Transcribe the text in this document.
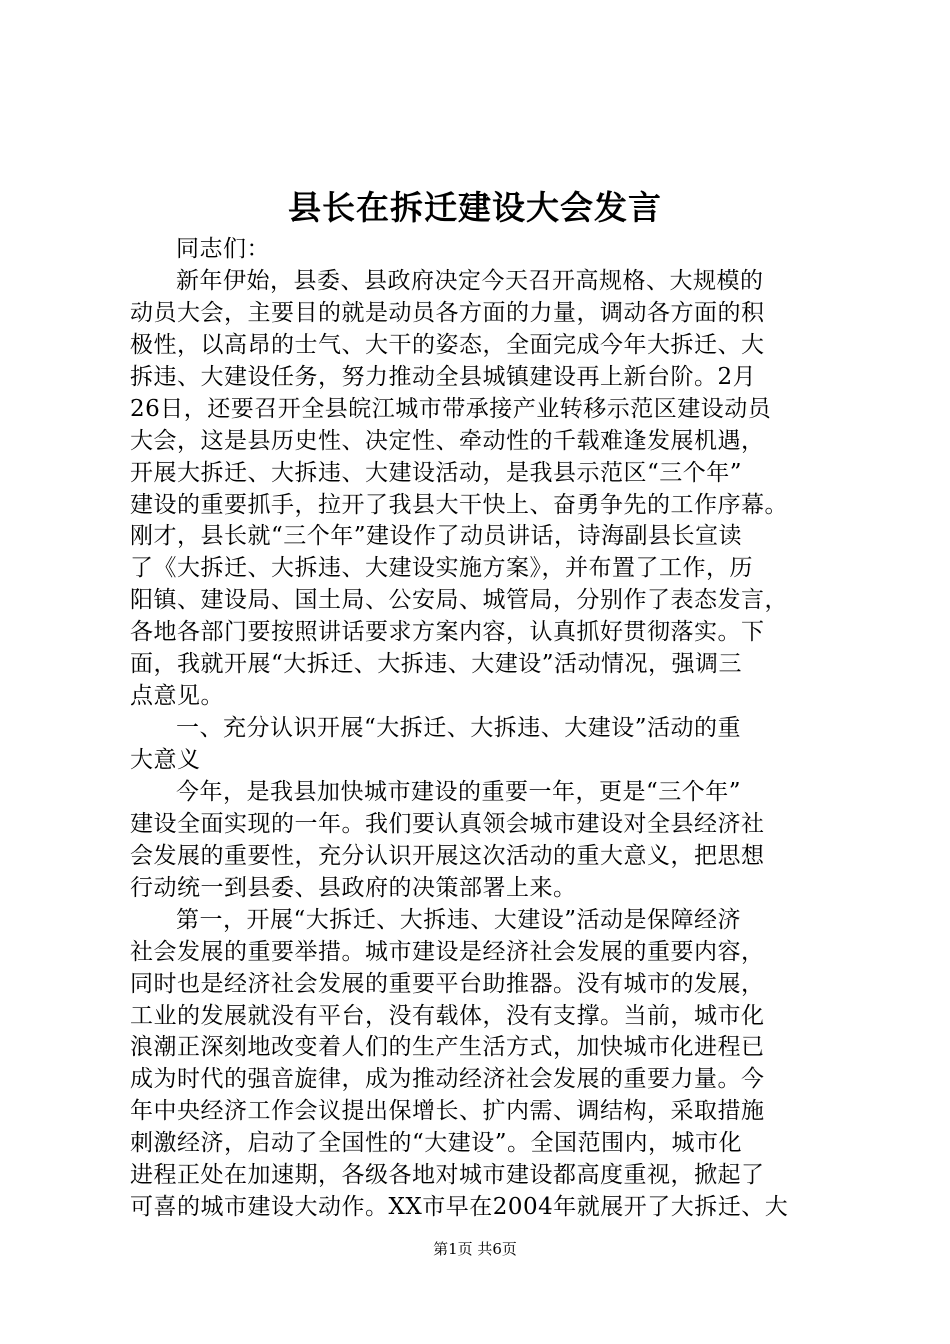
县长在拆迁建设大会发言
同志们：
新年伊始，县委、县政府决定今天召开高规格、大规模的
动员大会，主要目的就是动员各方面的力量，调动各方面的积
极性，以高昂的士气、大干的姿态，全面完成今年大拆迁、大
拆违、大建设任务，努力推动全县城镇建设再上新台阶。2月
26日，还要召开全县皖江城市带承接产业转移示范区建设动员
大会，这是县历史性、决定性、牵动性的千载难逢发展机遇，
开展大拆迁、大拆违、大建设活动，是我县示范区“三个年”
建设的重要抓手，拉开了我县大干快上、奋勇争先的工作序幕。
刚才，县长就“三个年”建设作了动员讲话，诗海副县长宣读
了《大拆迁、大拆违、大建设实施方案》，并布置了工作，历
阳镇、建设局、国土局、公安局、城管局，分别作了表态发言，
各地各部门要按照讲话要求方案内容，认真抓好贯彻落实。下
面，我就开展“大拆迁、大拆违、大建设”活动情况，强调三
点意见。
一、充分认识开展“大拆迁、大拆违、大建设”活动的重
大意义
今年，是我县加快城市建设的重要一年，更是“三个年”
建设全面实现的一年。我们要认真领会城市建设对全县经济社
会发展的重要性，充分认识开展这次活动的重大意义，把思想
行动统一到县委、县政府的决策部署上来。
第一，开展“大拆迁、大拆违、大建设”活动是保障经济
社会发展的重要举措。城市建设是经济社会发展的重要内容，
同时也是经济社会发展的重要平台助推器。没有城市的发展，
工业的发展就没有平台，没有载体，没有支撑。当前，城市化
浪潮正深刻地改变着人们的生产生活方式，加快城市化进程已
成为时代的强音旋律，成为推动经济社会发展的重要力量。今
年中央经济工作会议提出保增长、扩内需、调结构，采取措施
刺激经济，启动了全国性的“大建设”。全国范围内，城市化
进程正处在加速期，各级各地对城市建设都高度重视，掀起了
可喜的城市建设大动作。XX市早在2004年就展开了大拆迁、大
第1页 共6页
